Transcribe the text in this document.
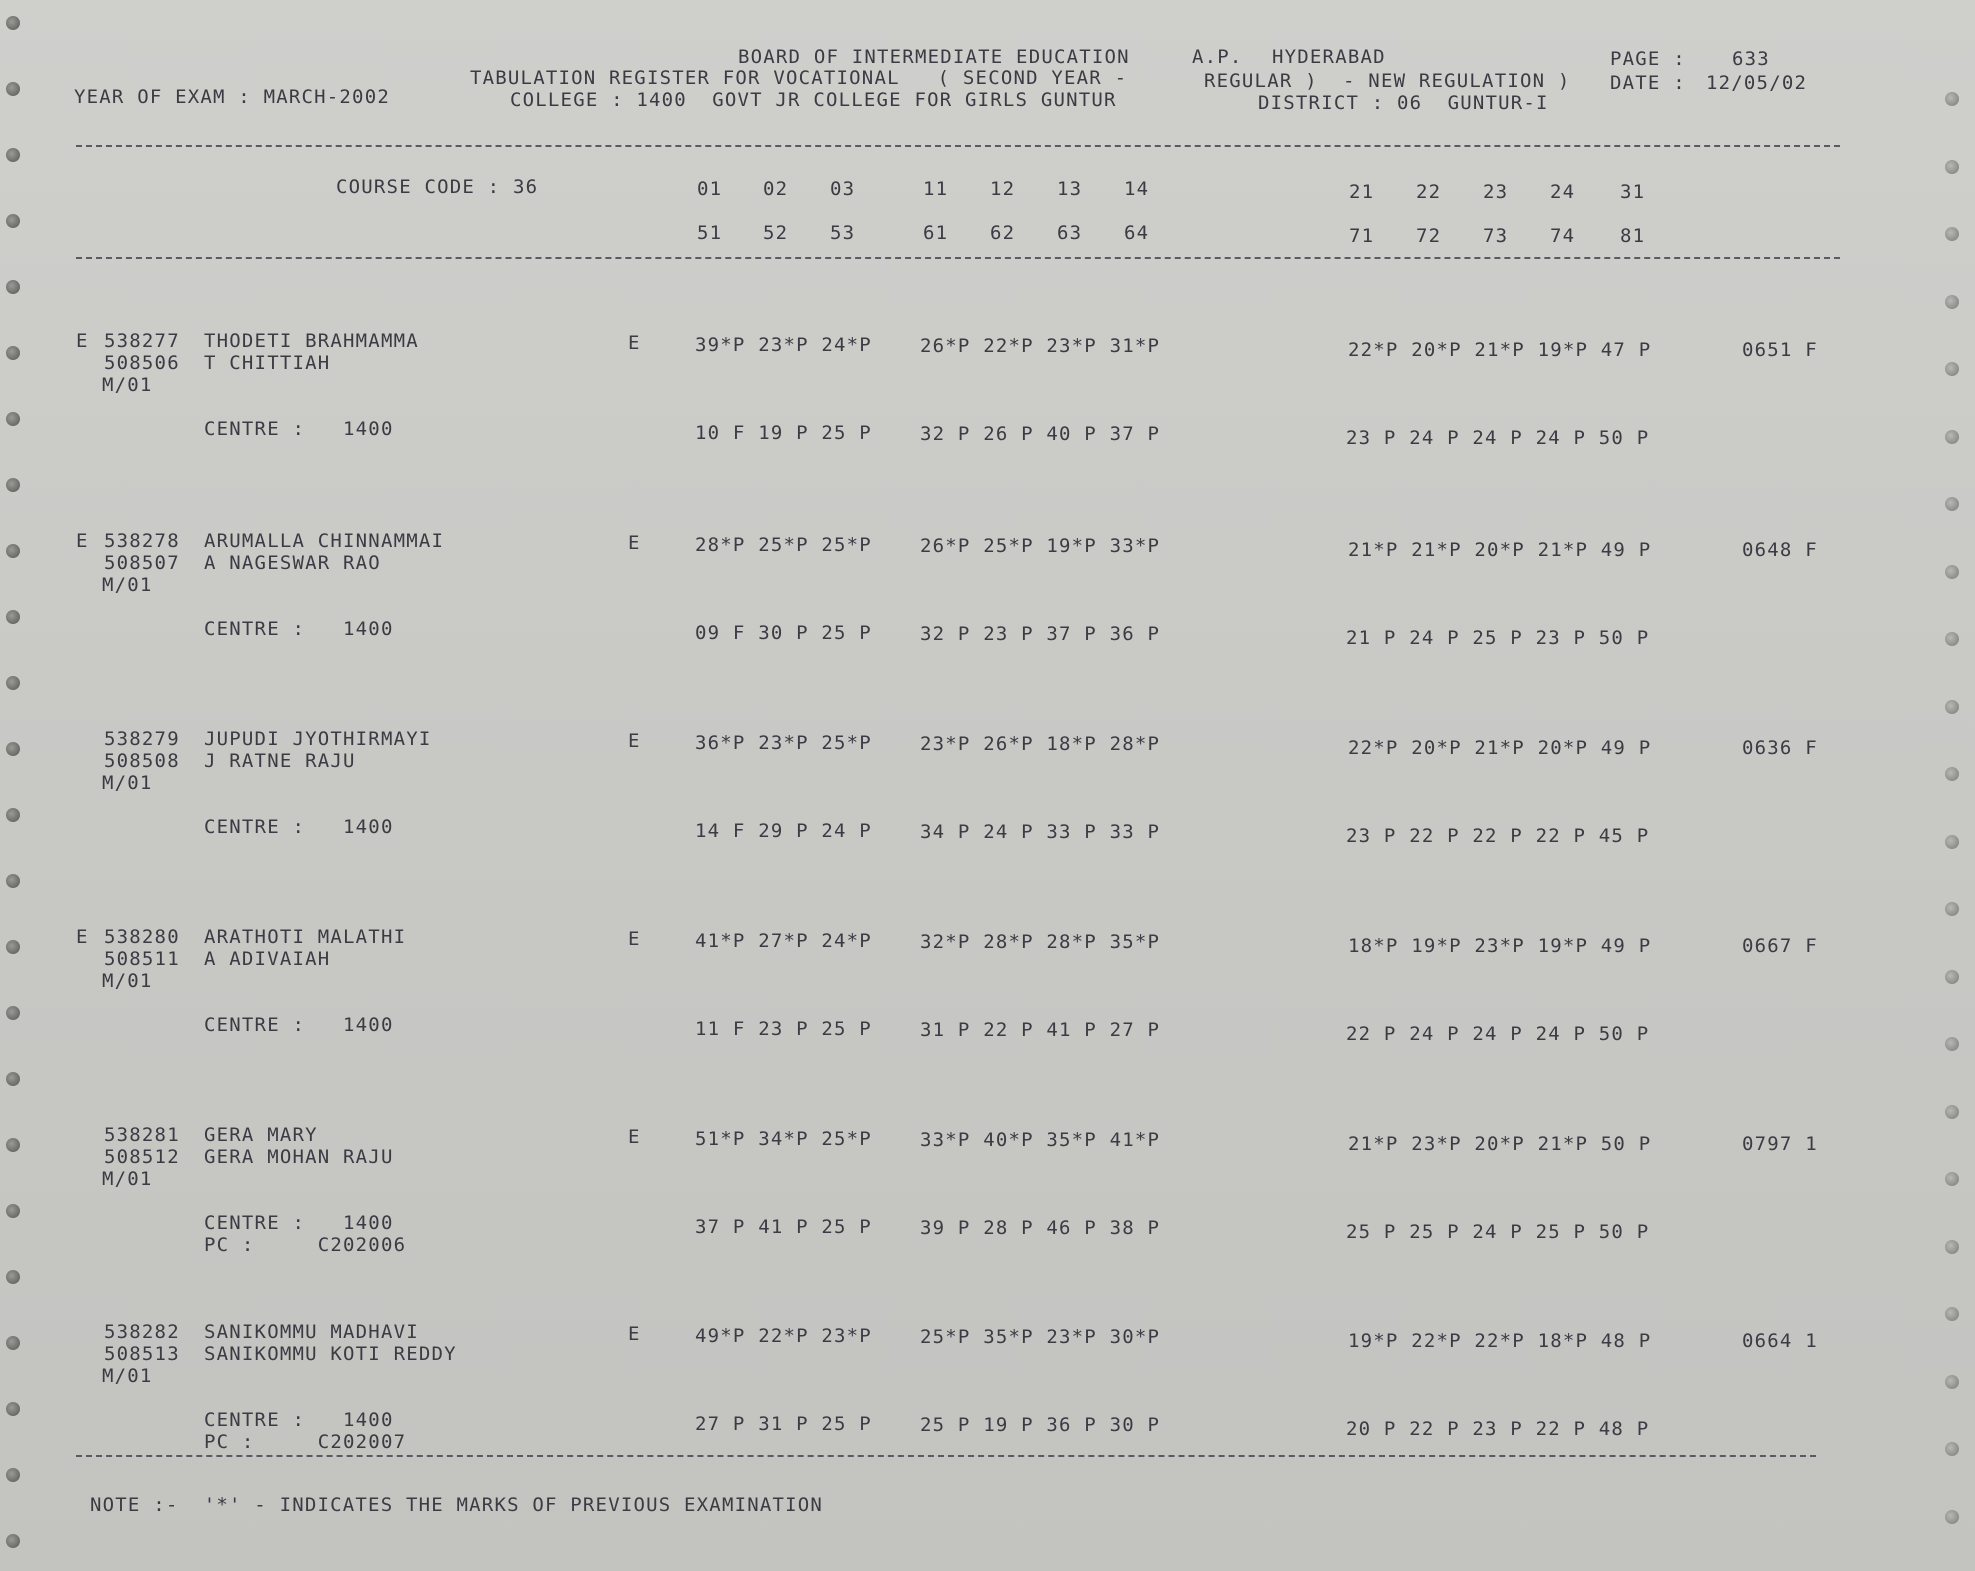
BOARD OF INTERMEDIATE EDUCATION	A.P. HYDERABAD	PAGE : 633
TABULATION REGISTER FOR VOCATIONAL   ( SECOND YEAR -	REGULAR )  - NEW REGULATION ) DATE : 12/05/02
YEAR OF EXAM : MARCH-2002	COLLEGE : 1400  GOVT JR COLLEGE FOR GIRLS GUNTUR	DISTRICT : 06  GUNTUR-I
COURSE CODE : 36	01 02 03	11 12 13 14	21 22 23 24 31
51 52 53	61 62 63 64	71 72 73 74 81
E 538277 THODETI BRAHMAMMA
508506 T CHITTIAH
M/01
CENTRE :   1400
E	39*P 23*P 24*P	26*P 22*P 23*P 31*P	22*P 20*P 21*P 19*P 47 P	0651 F
10 F 19 P 25 P	32 P 26 P 40 P 37 P	23 P 24 P 24 P 24 P 50 P
E 538278 ARUMALLA CHINNAMMAI
508507 A NAGESWAR RAO
M/01
CENTRE :   1400
E	28*P 25*P 25*P	26*P 25*P 19*P 33*P	21*P 21*P 20*P 21*P 49 P	0648 F
09 F 30 P 25 P	32 P 23 P 37 P 36 P	21 P 24 P 25 P 23 P 50 P
538279 JUPUDI JYOTHIRMAYI
508508 J RATNE RAJU
M/01
CENTRE :   1400
E	36*P 23*P 25*P	23*P 26*P 18*P 28*P	22*P 20*P 21*P 20*P 49 P	0636 F
14 F 29 P 24 P	34 P 24 P 33 P 33 P	23 P 22 P 22 P 22 P 45 P
E 538280 ARATHOTI MALATHI
508511 A ADIVAIAH
M/01
CENTRE :   1400
E	41*P 27*P 24*P	32*P 28*P 28*P 35*P	18*P 19*P 23*P 19*P 49 P	0667 F
11 F 23 P 25 P	31 P 22 P 41 P 27 P	22 P 24 P 24 P 24 P 50 P
538281 GERA MARY
508512 GERA MOHAN RAJU
M/01
CENTRE :   1400
PC :     C202006
E	51*P 34*P 25*P	33*P 40*P 35*P 41*P	21*P 23*P 20*P 21*P 50 P	0797 1
37 P 41 P 25 P	39 P 28 P 46 P 38 P	25 P 25 P 24 P 25 P 50 P
538282 SANIKOMMU MADHAVI
508513 SANIKOMMU KOTI REDDY
M/01
CENTRE :   1400
PC :     C202007
E	49*P 22*P 23*P	25*P 35*P 23*P 30*P	19*P 22*P 22*P 18*P 48 P	0664 1
27 P 31 P 25 P	25 P 19 P 36 P 30 P	20 P 22 P 23 P 22 P 48 P
NOTE :-  '*' - INDICATES THE MARKS OF PREVIOUS EXAMINATION
